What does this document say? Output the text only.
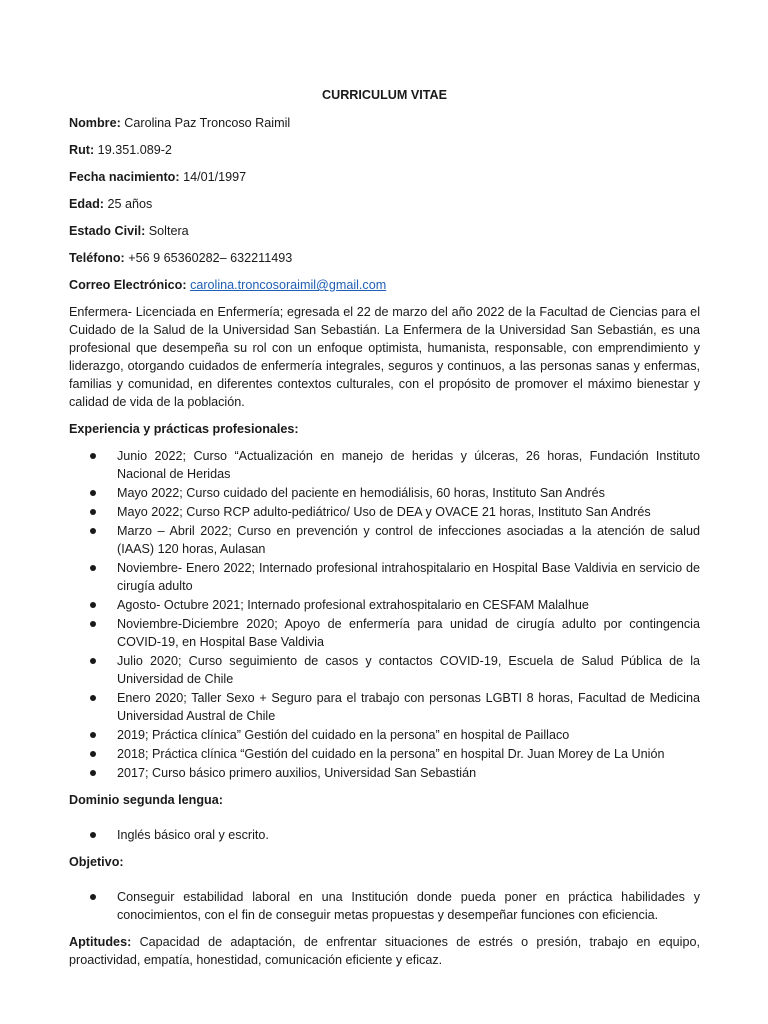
CURRICULUM VITAE
Nombre: Carolina Paz Troncoso Raimil
Rut: 19.351.089-2
Fecha nacimiento: 14/01/1997
Edad: 25 años
Estado Civil: Soltera
Teléfono: +56 9 65360282– 632211493
Correo Electrónico: carolina.troncosoraimil@gmail.com

Enfermera- Licenciada en Enfermería; egresada el 22 de marzo del año 2022 de la Facultad de Ciencias para el Cuidado de la Salud de la Universidad San Sebastián. La Enfermera de la Universidad San Sebastián, es una profesional que desempeña su rol con un enfoque optimista, humanista, responsable, con emprendimiento y liderazgo, otorgando cuidados de enfermería integrales, seguros y continuos, a las personas sanas y enfermas, familias y comunidad, en diferentes contextos culturales, con el propósito de promover el máximo bienestar y calidad de vida de la población.

Experiencia y prácticas profesionales:
Junio 2022; Curso “Actualización en manejo de heridas y úlceras, 26 horas, Fundación Instituto Nacional de Heridas
Mayo 2022; Curso cuidado del paciente en hemodiálisis, 60 horas, Instituto San Andrés
Mayo 2022; Curso RCP adulto-pediátrico/ Uso de DEA y OVACE 21 horas, Instituto San Andrés
Marzo – Abril 2022; Curso en prevención y control de infecciones asociadas a la atención de salud (IAAS) 120 horas, Aulasan
Noviembre- Enero 2022; Internado profesional intrahospitalario en Hospital Base Valdivia en servicio de cirugía adulto
Agosto- Octubre 2021; Internado profesional extrahospitalario en CESFAM Malalhue
Noviembre-Diciembre 2020; Apoyo de enfermería para unidad de cirugía adulto por contingencia COVID-19, en Hospital Base Valdivia
Julio 2020; Curso seguimiento de casos y contactos COVID-19, Escuela de Salud Pública de la Universidad de Chile
Enero 2020; Taller Sexo + Seguro para el trabajo con personas LGBTI 8 horas, Facultad de Medicina Universidad Austral de Chile
2019; Práctica clínica” Gestión del cuidado en la persona” en hospital de Paillaco
2018; Práctica clínica “Gestión del cuidado en la persona” en hospital Dr. Juan Morey de La Unión
2017; Curso básico primero auxilios, Universidad San Sebastián
Dominio segunda lengua:
Inglés básico oral y escrito.
Objetivo:
Conseguir estabilidad laboral en una Institución donde pueda poner en práctica habilidades y conocimientos, con el fin de conseguir metas propuestas y desempeñar funciones con eficiencia.

Aptitudes: Capacidad de adaptación, de enfrentar situaciones de estrés o presión, trabajo en equipo, proactividad, empatía, honestidad, comunicación eficiente y eficaz.
